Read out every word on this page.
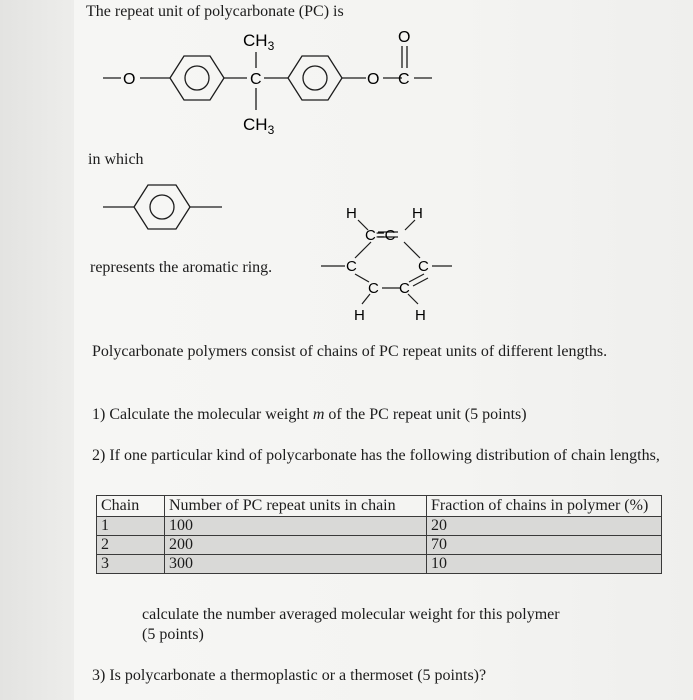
The repeat unit of polycarbonate (PC) is
O	C
$CH_3$
$CH_3$
O C
O
H	H
C=C
C	C
C C
H	H
in which
represents the aromatic ring.
Polycarbonate polymers consist of chains of PC repeat units of different lengths.
1) Calculate the molecular weight m of the PC repeat unit (5 points)
2) If one particular kind of polycarbonate has the following distribution of chain lengths,
Chain	Number of PC repeat units in chain	Fraction of chains in polymer (%)
1	100	20
2	200	70
3	300	10
calculate the number averaged molecular weight for this polymer
(5 points)
3) Is polycarbonate a thermoplastic or a thermoset (5 points)?
